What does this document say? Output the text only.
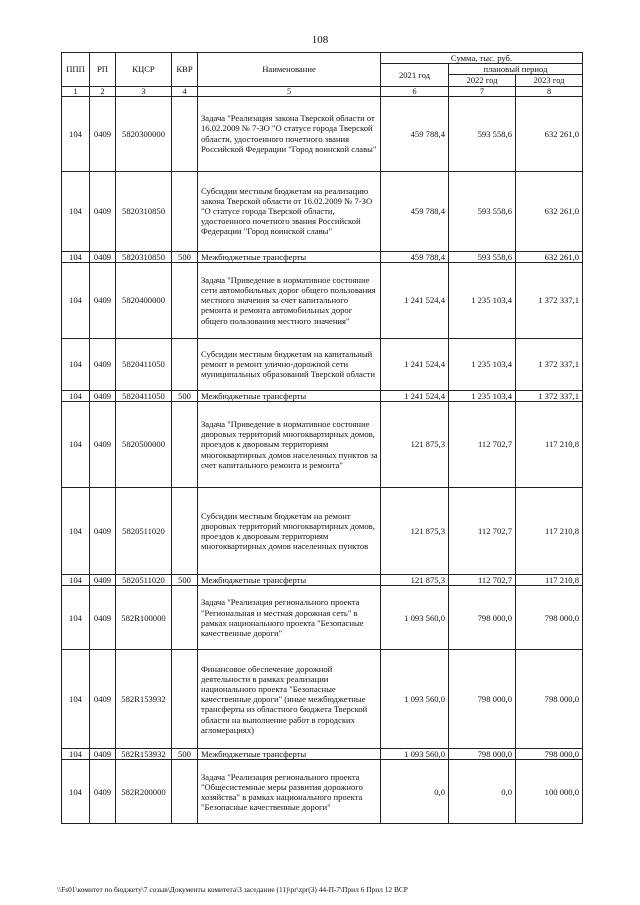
108
ППП	РП	КЦСР	КВР	Наименование	Сумма, тыс. руб.		
					2021 год	плановый период	
						2022 год	2023 год
1	2	3	4	5	6	7	8
104	0409	5820300000		Задача "Реализация закона Тверской области от 16.02.2009 № 7-ЗО "О статусе города Тверской области, удостоенного почетного звания Российской Федерации "Город воинской славы"	459 788,4	593 558,6	632 261,0
104	0409	5820310850		Субсидии местным бюджетам на реализацию закона Тверской области от 16.02.2009 № 7-ЗО "О статусе города Тверской области, удостоенного почетного звания Российской Федерации "Город воинской славы"	459 788,4	593 558,6	632 261,0
104	0409	5820310850	500	Межбюджетные трансферты	459 788,4	593 558,6	632 261,0
104	0409	5820400000		Задача "Приведение в нормативное состояние сети автомобильных дорог общего пользования местного значения за счет капитального ремонта и ремонта автомобильных дорог общего пользования местного значения"	1 241 524,4	1 235 103,4	1 372 337,1
104	0409	5820411050		Субсидии местным бюджетам на капитальный ремонт и ремонт улично-дорожной сети муниципальных образований Тверской области	1 241 524,4	1 235 103,4	1 372 337,1
104	0409	5820411050	500	Межбюджетные трансферты	1 241 524,4	1 235 103,4	1 372 337,1
104	0409	5820500000		Задача "Приведение в нормативное состояние дворовых территорий многоквартирных домов, проездов к дворовым территориям многоквартирных домов населенных пунктов за счет капитального ремонта и ремонта"	121 875,3	112 702,7	117 210,8
104	0409	5820511020		Субсидии местным бюджетам на ремонт дворовых территорий многоквартирных домов, проездов к дворовым территориям многоквартирных домов населенных пунктов	121 875,3	112 702,7	117 210,8
104	0409	5820511020	500	Межбюджетные трансферты	121 875,3	112 702,7	117 210,8
104	0409	582R100000		Задача "Реализация регионального проекта "Региональная и местная дорожная сеть" в рамках национального проекта "Безопасные качественные дороги"	1 093 560,0	798 000,0	798 000,0
104	0409	582R153932		Финансовое обеспечение дорожной деятельности в рамках реализации национального проекта "Безопасные качественные дороги" (иные межбюджетные трансферты из областного бюджета Тверской области на выполнение работ в городских агломерациях)	1 093 560,0	798 000,0	798 000,0
104	0409	582R153932	500	Межбюджетные трансферты	1 093 560,0	798 000,0	798 000,0
104	0409	582R200000		Задача "Реализация регионального проекта "Общесистемные меры развития дорожного хозяйства" в рамках национального проекта "Безопасные качественные дороги"	0,0	0,0	100 000,0
\\Fs01\комитет по бюджету\7 созыв\Документы комитета\3 заседание (11)\pr\zpr(3) 44-П-7\Прил 6 Прил 12 ВСР
